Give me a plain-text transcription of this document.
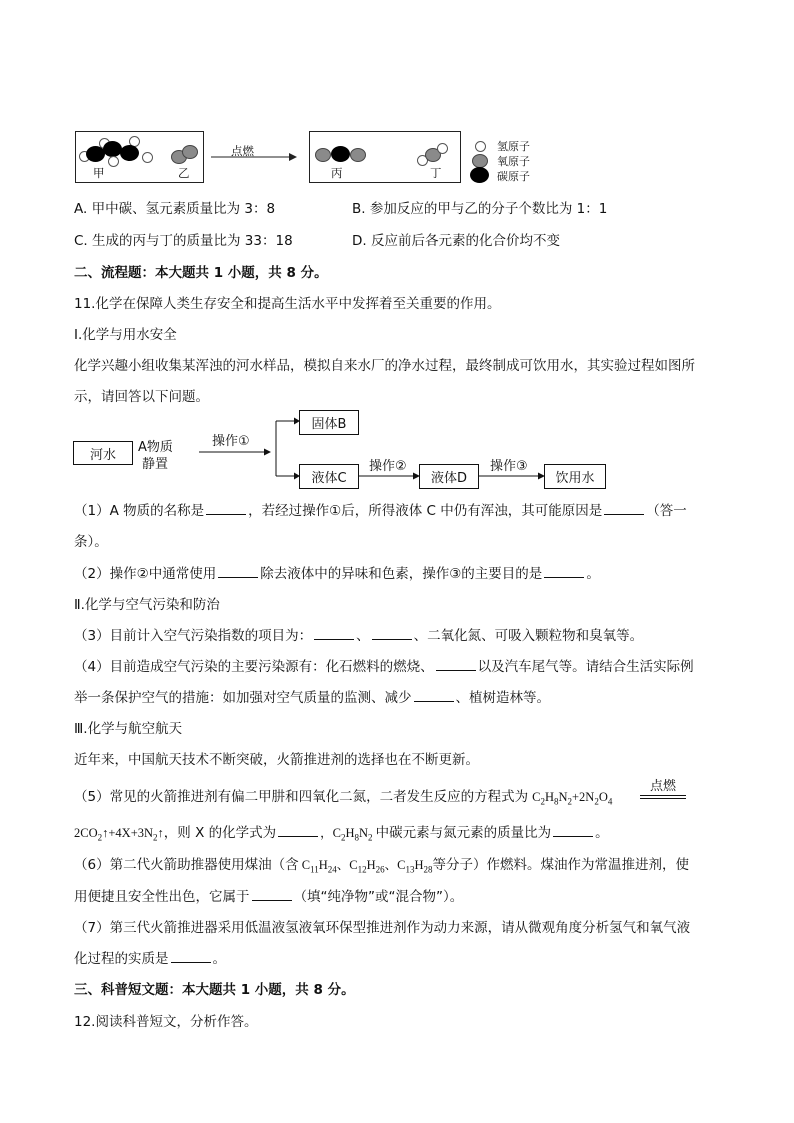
甲	乙
点燃
丙	丁
氢原子
氧原子
碳原子
A. 甲中碳、氢元素质量比为 3：8	B. 参加反应的甲与乙的分子个数比为 1：1
C. 生成的丙与丁的质量比为 33：18	D. 反应前后各元素的化合价均不变
二、流程题：本大题共 1 小题，共 8 分。
11.化学在保障人类生存安全和提高生活水平中发挥着至关重要的作用。
Ⅰ.化学与用水安全
化学兴趣小组收集某浑浊的河水样品，模拟自来水厂的净水过程，最终制成可饮用水，其实验过程如图所
示，请回答以下问题。
河水	A物质
静置
操作①
固体B
液体C
操作②
液体D
操作③
饮用水
（1）A 物质的名称是	，若经过操作①后，所得液体 C 中仍有浑浊，其可能原因是	（答一
条）。
（2）操作②中通常使用	除去液体中的异味和色素，操作③的主要目的是	。
Ⅱ.化学与空气污染和防治
（3）目前计入空气污染指数的项目为：	、	、二氧化氮、可吸入颗粒物和臭氧等。
（4）目前造成空气污染的主要污染源有：化石燃料的燃烧、	以及汽车尾气等。请结合生活实际例
举一条保护空气的措施：如加强对空气质量的监测、减少	、植树造林等。
Ⅲ.化学与航空航天
近年来，中国航天技术不断突破，火箭推进剂的选择也在不断更新。
（5）常见的火箭推进剂有偏二甲肼和四氧化二氮，二者发生反应的方程式为 $C_2H_8N_2+2N_2O_4$
点燃
$2CO_2↑+4X+3N_2↑$，则 X 的化学式为	，$C_2H_8N_2$ 中碳元素与氮元素的质量比为	。
（6）第二代火箭助推器使用煤油（含 $C_{11}H_{24}$、$C_{12}H_{26}$、$C_{13}H_{28}$等分子）作燃料。煤油作为常温推进剂，使
用便捷且安全性出色，它属于	（填“纯净物”或“混合物”）。
（7）第三代火箭推进器采用低温液氢液氧环保型推进剂作为动力来源，请从微观角度分析氢气和氧气液
化过程的实质是	。
三、科普短文题：本大题共 1 小题，共 8 分。
12.阅读科普短文，分析作答。
